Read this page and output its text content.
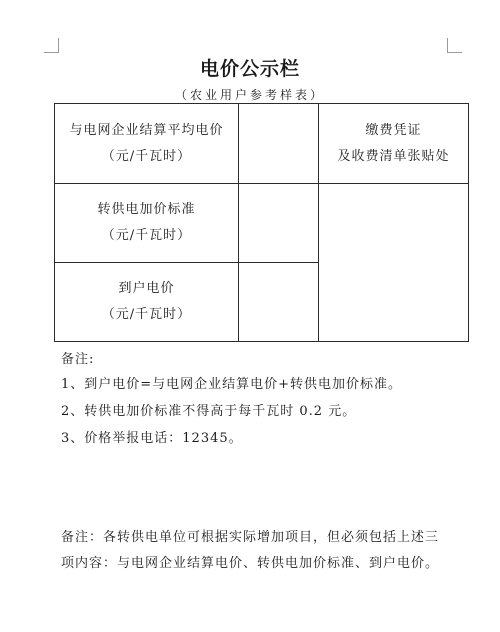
电价公示栏
（农业用户参考样表）
与电网企业结算平均电价
（元/千瓦时）
缴费凭证
及收费清单张贴处
转供电加价标准
（元/千瓦时）
到户电价
（元/千瓦时）
备注:
1、到户电价=与电网企业结算电价+转供电加价标准。
2、转供电加价标准不得高于每千瓦时 0.2 元。
3、价格举报电话：12345。
备注：各转供电单位可根据实际增加项目，但必须包括上述三项内容：与电网企业结算电价、转供电加价标准、到户电价。
